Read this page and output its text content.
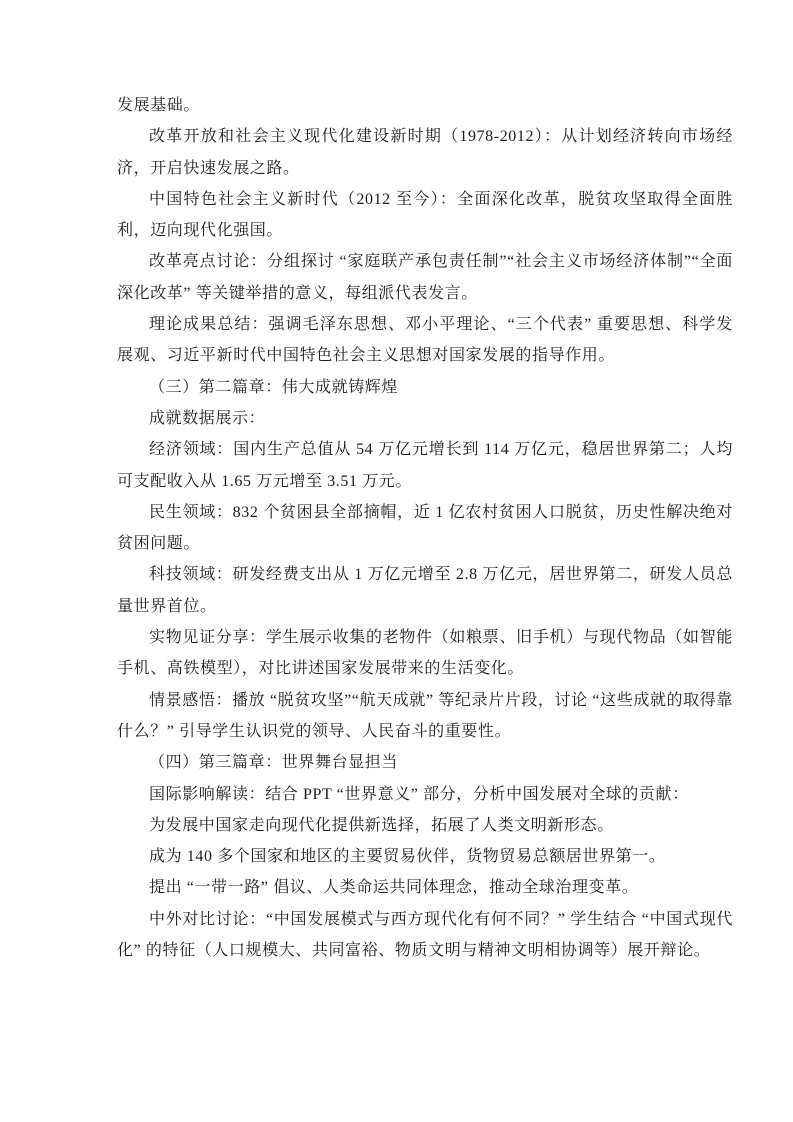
发展基础。

改革开放和社会主义现代化建设新时期（1978-2012）：从计划经济转向市场经济，开启快速发展之路。

中国特色社会主义新时代（2012 至今）：全面深化改革，脱贫攻坚取得全面胜利，迈向现代化强国。

改革亮点讨论：分组探讨 “家庭联产承包责任制”“社会主义市场经济体制”“全面深化改革” 等关键举措的意义，每组派代表发言。

理论成果总结：强调毛泽东思想、邓小平理论、“三个代表” 重要思想、科学发展观、习近平新时代中国特色社会主义思想对国家发展的指导作用。

（三）第二篇章：伟大成就铸辉煌

成就数据展示：

经济领域：国内生产总值从 54 万亿元增长到 114 万亿元，稳居世界第二；人均可支配收入从 1.65 万元增至 3.51 万元。

民生领域：832 个贫困县全部摘帽，近 1 亿农村贫困人口脱贫，历史性解决绝对贫困问题。

科技领域：研发经费支出从 1 万亿元增至 2.8 万亿元，居世界第二，研发人员总量世界首位。

实物见证分享：学生展示收集的老物件（如粮票、旧手机）与现代物品（如智能手机、高铁模型），对比讲述国家发展带来的生活变化。

情景感悟：播放 “脱贫攻坚”“航天成就” 等纪录片片段，讨论 “这些成就的取得靠什么？” 引导学生认识党的领导、人民奋斗的重要性。

（四）第三篇章：世界舞台显担当

国际影响解读：结合 PPT “世界意义” 部分，分析中国发展对全球的贡献：

为发展中国家走向现代化提供新选择，拓展了人类文明新形态。

成为 140 多个国家和地区的主要贸易伙伴，货物贸易总额居世界第一。

提出 “一带一路” 倡议、人类命运共同体理念，推动全球治理变革。

中外对比讨论：“中国发展模式与西方现代化有何不同？” 学生结合 “中国式现代化” 的特征（人口规模大、共同富裕、物质文明与精神文明相协调等）展开辩论。
